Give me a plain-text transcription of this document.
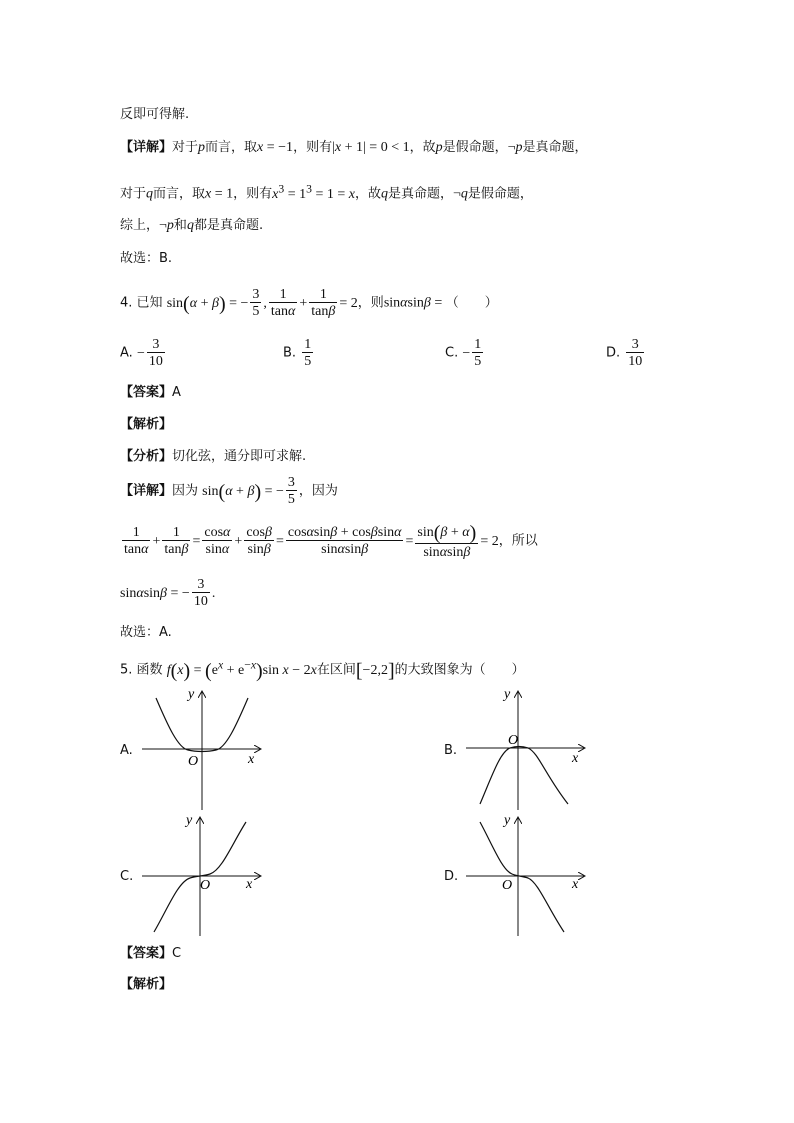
反即可得解.
【详解】对于p而言，取x = −1，则有|x + 1| = 0 < 1，故p是假命题，¬p是真命题，
对于q而言，取x = 1，则有$x^3 = 1^3 = 1 = x$，故q是真命题，¬q是假命题，
综上，¬p和q都是真命题.
故选：B.
4. 已知 sin(α + β) = − $\frac{3}{5}$ , $\frac{1}{\tan\alpha} + \frac{1}{\tan\beta} = 2$，则sinαsinβ = （　　）
A. − $\frac{3}{10}$	B. $\frac{1}{5}$	C. − $\frac{1}{5}$	D. $\frac{3}{10}$
【答案】A
【解析】
【分析】切化弦，通分即可求解.
【详解】因为 sin(α + β) = − $\frac{3}{5}$ ，因为
$\frac{1}{\tan\alpha} + \frac{1}{\tan\beta} = \frac{\cos\alpha}{\sin\alpha} + \frac{\cos\beta}{\sin\beta} = \frac{\cos\alpha\sin\beta + \cos\beta\sin\alpha}{\sin\alpha\sin\beta} = \frac{\sin(\beta + \alpha)}{\sin\alpha\sin\beta} = 2$，所以
sinαsinβ = − $\frac{3}{10}$ .
故选：A.
5. 函数 $f(x) = (e^x + e^{-x})\sin$ x − 2x在区间[−2,2]的大致图象为（　　）
A.	B.
C.	D.
x
y
O	x
y
O
x
y
O	x
y
O
【答案】C
【解析】
